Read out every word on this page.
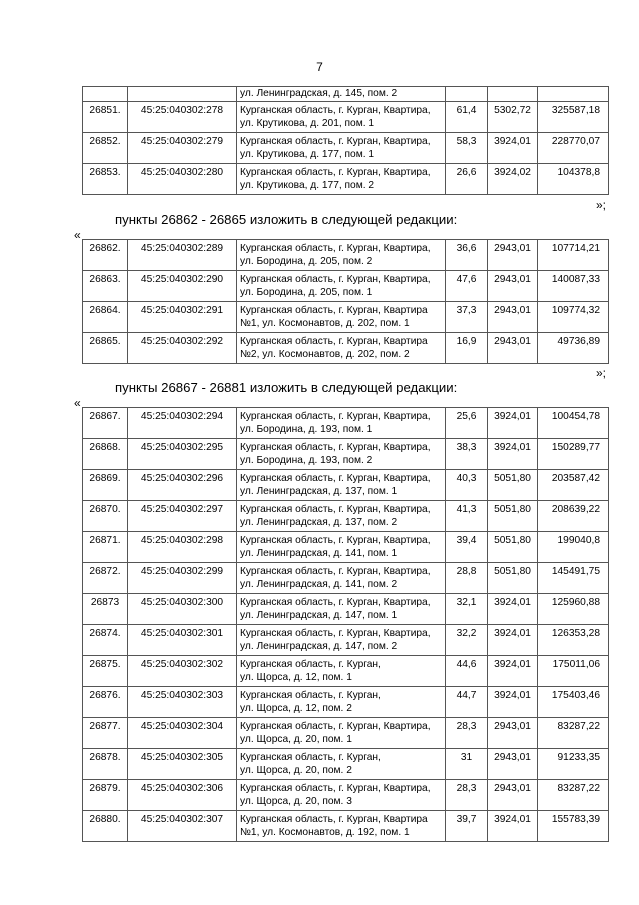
7

		ул. Ленинградская, д. 145, пом. 2			

26851.	45:25:040302:278	Курганская область, г. Курган, Квартира,
ул. Крутикова, д. 201, пом. 1	61,4	5302,72	325587,18
26852.	45:25:040302:279	Курганская область, г. Курган, Квартира,
ул. Крутикова, д. 177, пом. 1	58,3	3924,01	228770,07
26853.	45:25:040302:280	Курганская область, г. Курган, Квартира,
ул. Крутикова, д. 177, пом. 2	26,6	3924,02	104378,8
»;
пункты 26862 - 26865 изложить в следующей редакции:
«
26862.	45:25:040302:289	Курганская область, г. Курган, Квартира,
ул. Бородина, д. 205, пом. 2	36,6	2943,01	107714,21
26863.	45:25:040302:290	Курганская область, г. Курган, Квартира,
ул. Бородина, д. 205, пом. 1	47,6	2943,01	140087,33
26864.	45:25:040302:291	Курганская область, г. Курган, Квартира
№1, ул. Космонавтов, д. 202, пом. 1	37,3	2943,01	109774,32
26865.	45:25:040302:292	Курганская область, г. Курган, Квартира
№2, ул. Космонавтов, д. 202, пом. 2	16,9	2943,01	49736,89
»;
пункты 26867 - 26881 изложить в следующей редакции:
«
26867.	45:25:040302:294	Курганская область, г. Курган, Квартира,
ул. Бородина, д. 193, пом. 1	25,6	3924,01	100454,78
26868.	45:25:040302:295	Курганская область, г. Курган, Квартира,
ул. Бородина, д. 193, пом. 2	38,3	3924,01	150289,77
26869.	45:25:040302:296	Курганская область, г. Курган, Квартира,
ул. Ленинградская, д. 137, пом. 1	40,3	5051,80	203587,42
26870.	45:25:040302:297	Курганская область, г. Курган, Квартира,
ул. Ленинградская, д. 137, пом. 2	41,3	5051,80	208639,22
26871.	45:25:040302:298	Курганская область, г. Курган, Квартира,
ул. Ленинградская, д. 141, пом. 1	39,4	5051,80	199040,8
26872.	45:25:040302:299	Курганская область, г. Курган, Квартира,
ул. Ленинградская, д. 141, пом. 2	28,8	5051,80	145491,75
26873	45:25:040302:300	Курганская область, г. Курган, Квартира,
ул. Ленинградская, д. 147, пом. 1	32,1	3924,01	125960,88
26874.	45:25:040302:301	Курганская область, г. Курган, Квартира,
ул. Ленинградская, д. 147, пом. 2	32,2	3924,01	126353,28
26875.	45:25:040302:302	Курганская область, г. Курган,
ул. Щорса, д. 12, пом. 1	44,6	3924,01	175011,06
26876.	45:25:040302:303	Курганская область, г. Курган,
ул. Щорса, д. 12, пом. 2	44,7	3924,01	175403,46
26877.	45:25:040302:304	Курганская область, г. Курган, Квартира,
ул. Щорса, д. 20, пом. 1	28,3	2943,01	83287,22
26878.	45:25:040302:305	Курганская область, г. Курган,
ул. Щорса, д. 20, пом. 2	31	2943,01	91233,35
26879.	45:25:040302:306	Курганская область, г. Курган, Квартира,
ул. Щорса, д. 20, пом. 3	28,3	2943,01	83287,22
26880.	45:25:040302:307	Курганская область, г. Курган, Квартира
№1, ул. Космонавтов, д. 192, пом. 1	39,7	3924,01	155783,39
